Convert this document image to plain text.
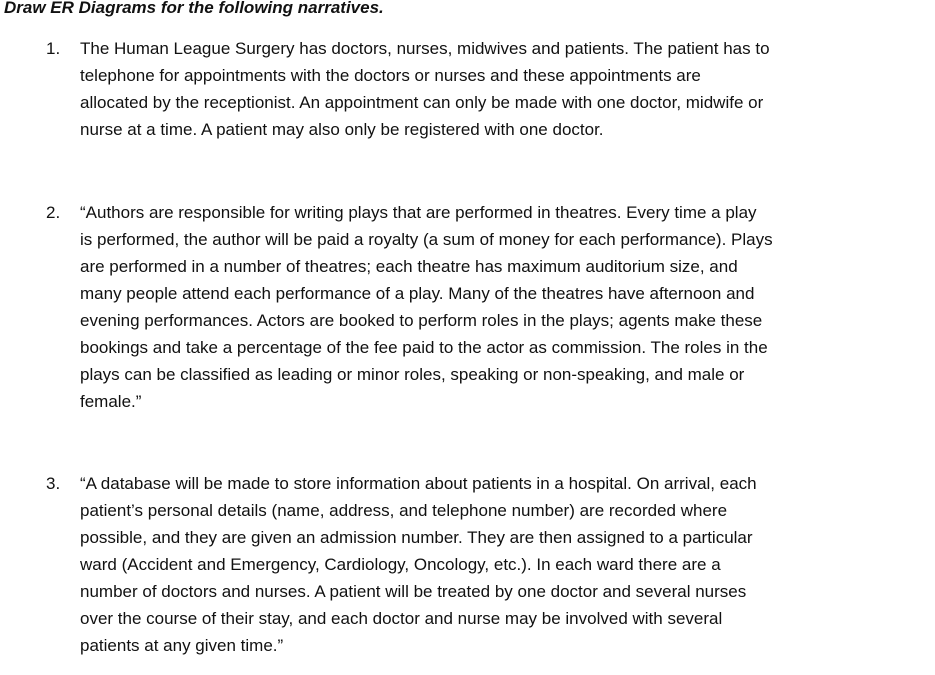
Draw ER Diagrams for the following narratives.
1. The Human League Surgery has doctors, nurses, midwives and patients. The patient has to
telephone for appointments with the doctors or nurses and these appointments are
allocated by the receptionist. An appointment can only be made with one doctor, midwife or
nurse at a time. A patient may also only be registered with one doctor.
2. “Authors are responsible for writing plays that are performed in theatres. Every time a play
is performed, the author will be paid a royalty (a sum of money for each performance). Plays
are performed in a number of theatres; each theatre has maximum auditorium size, and
many people attend each performance of a play. Many of the theatres have afternoon and
evening performances. Actors are booked to perform roles in the plays; agents make these
bookings and take a percentage of the fee paid to the actor as commission. The roles in the
plays can be classified as leading or minor roles, speaking or non-speaking, and male or
female.”
3. “A database will be made to store information about patients in a hospital. On arrival, each
patient’s personal details (name, address, and telephone number) are recorded where
possible, and they are given an admission number. They are then assigned to a particular
ward (Accident and Emergency, Cardiology, Oncology, etc.). In each ward there are a
number of doctors and nurses. A patient will be treated by one doctor and several nurses
over the course of their stay, and each doctor and nurse may be involved with several
patients at any given time.”
